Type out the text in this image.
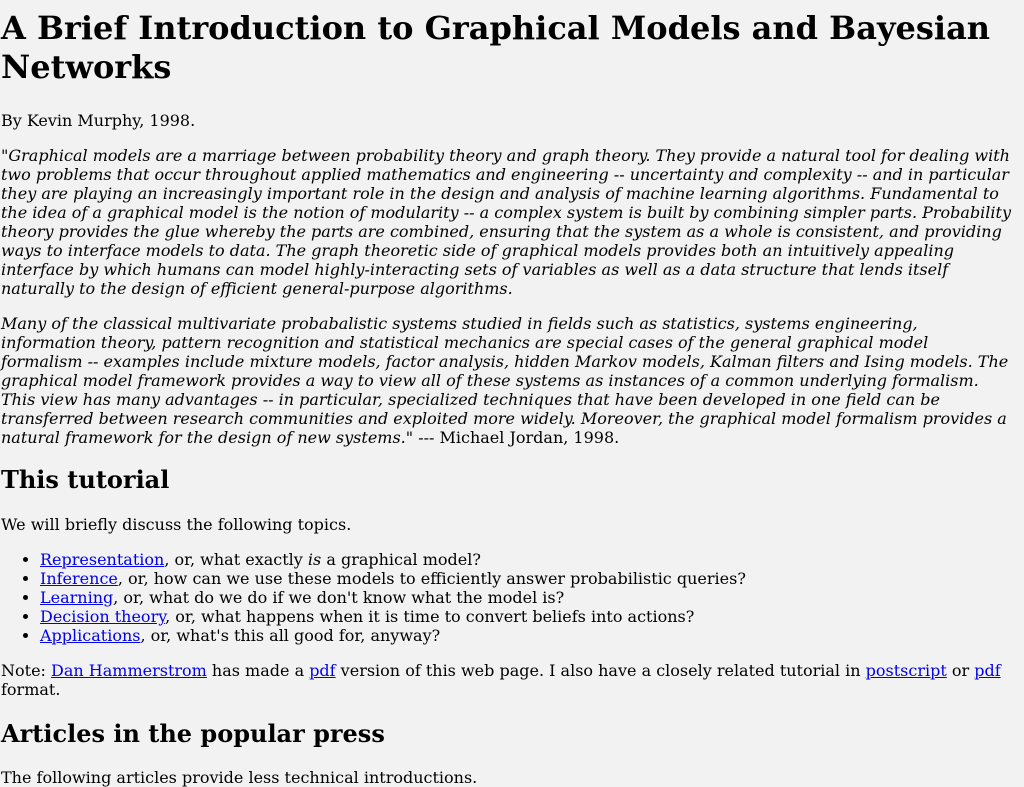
A Brief Introduction to Graphical Models and Bayesian Networks

By Kevin Murphy, 1998.

"Graphical models are a marriage between probability theory and graph theory. They provide a natural tool for dealing with two problems that occur throughout applied mathematics and engineering -- uncertainty and complexity -- and in particular they are playing an increasingly important role in the design and analysis of machine learning algorithms. Fundamental to the idea of a graphical model is the notion of modularity -- a complex system is built by combining simpler parts. Probability theory provides the glue whereby the parts are combined, ensuring that the system as a whole is consistent, and providing ways to interface models to data. The graph theoretic side of graphical models provides both an intuitively appealing interface by which humans can model highly-interacting sets of variables as well as a data structure that lends itself naturally to the design of efficient general-purpose algorithms.

Many of the classical multivariate probabalistic systems studied in fields such as statistics, systems engineering, information theory, pattern recognition and statistical mechanics are special cases of the general graphical model formalism -- examples include mixture models, factor analysis, hidden Markov models, Kalman filters and Ising models. The graphical model framework provides a way to view all of these systems as instances of a common underlying formalism. This view has many advantages -- in particular, specialized techniques that have been developed in one field can be transferred between research communities and exploited more widely. Moreover, the graphical model formalism provides a natural framework for the design of new systems." --- Michael Jordan, 1998.

This tutorial

We will briefly discuss the following topics.

• Representation, or, what exactly is a graphical model?
• Inference, or, how can we use these models to efficiently answer probabilistic queries?
• Learning, or, what do we do if we don't know what the model is?
• Decision theory, or, what happens when it is time to convert beliefs into actions?
• Applications, or, what's this all good for, anyway?

Note: Dan Hammerstrom has made a pdf version of this web page. I also have a closely related tutorial in postscript or pdf format.

Articles in the popular press

The following articles provide less technical introductions.
